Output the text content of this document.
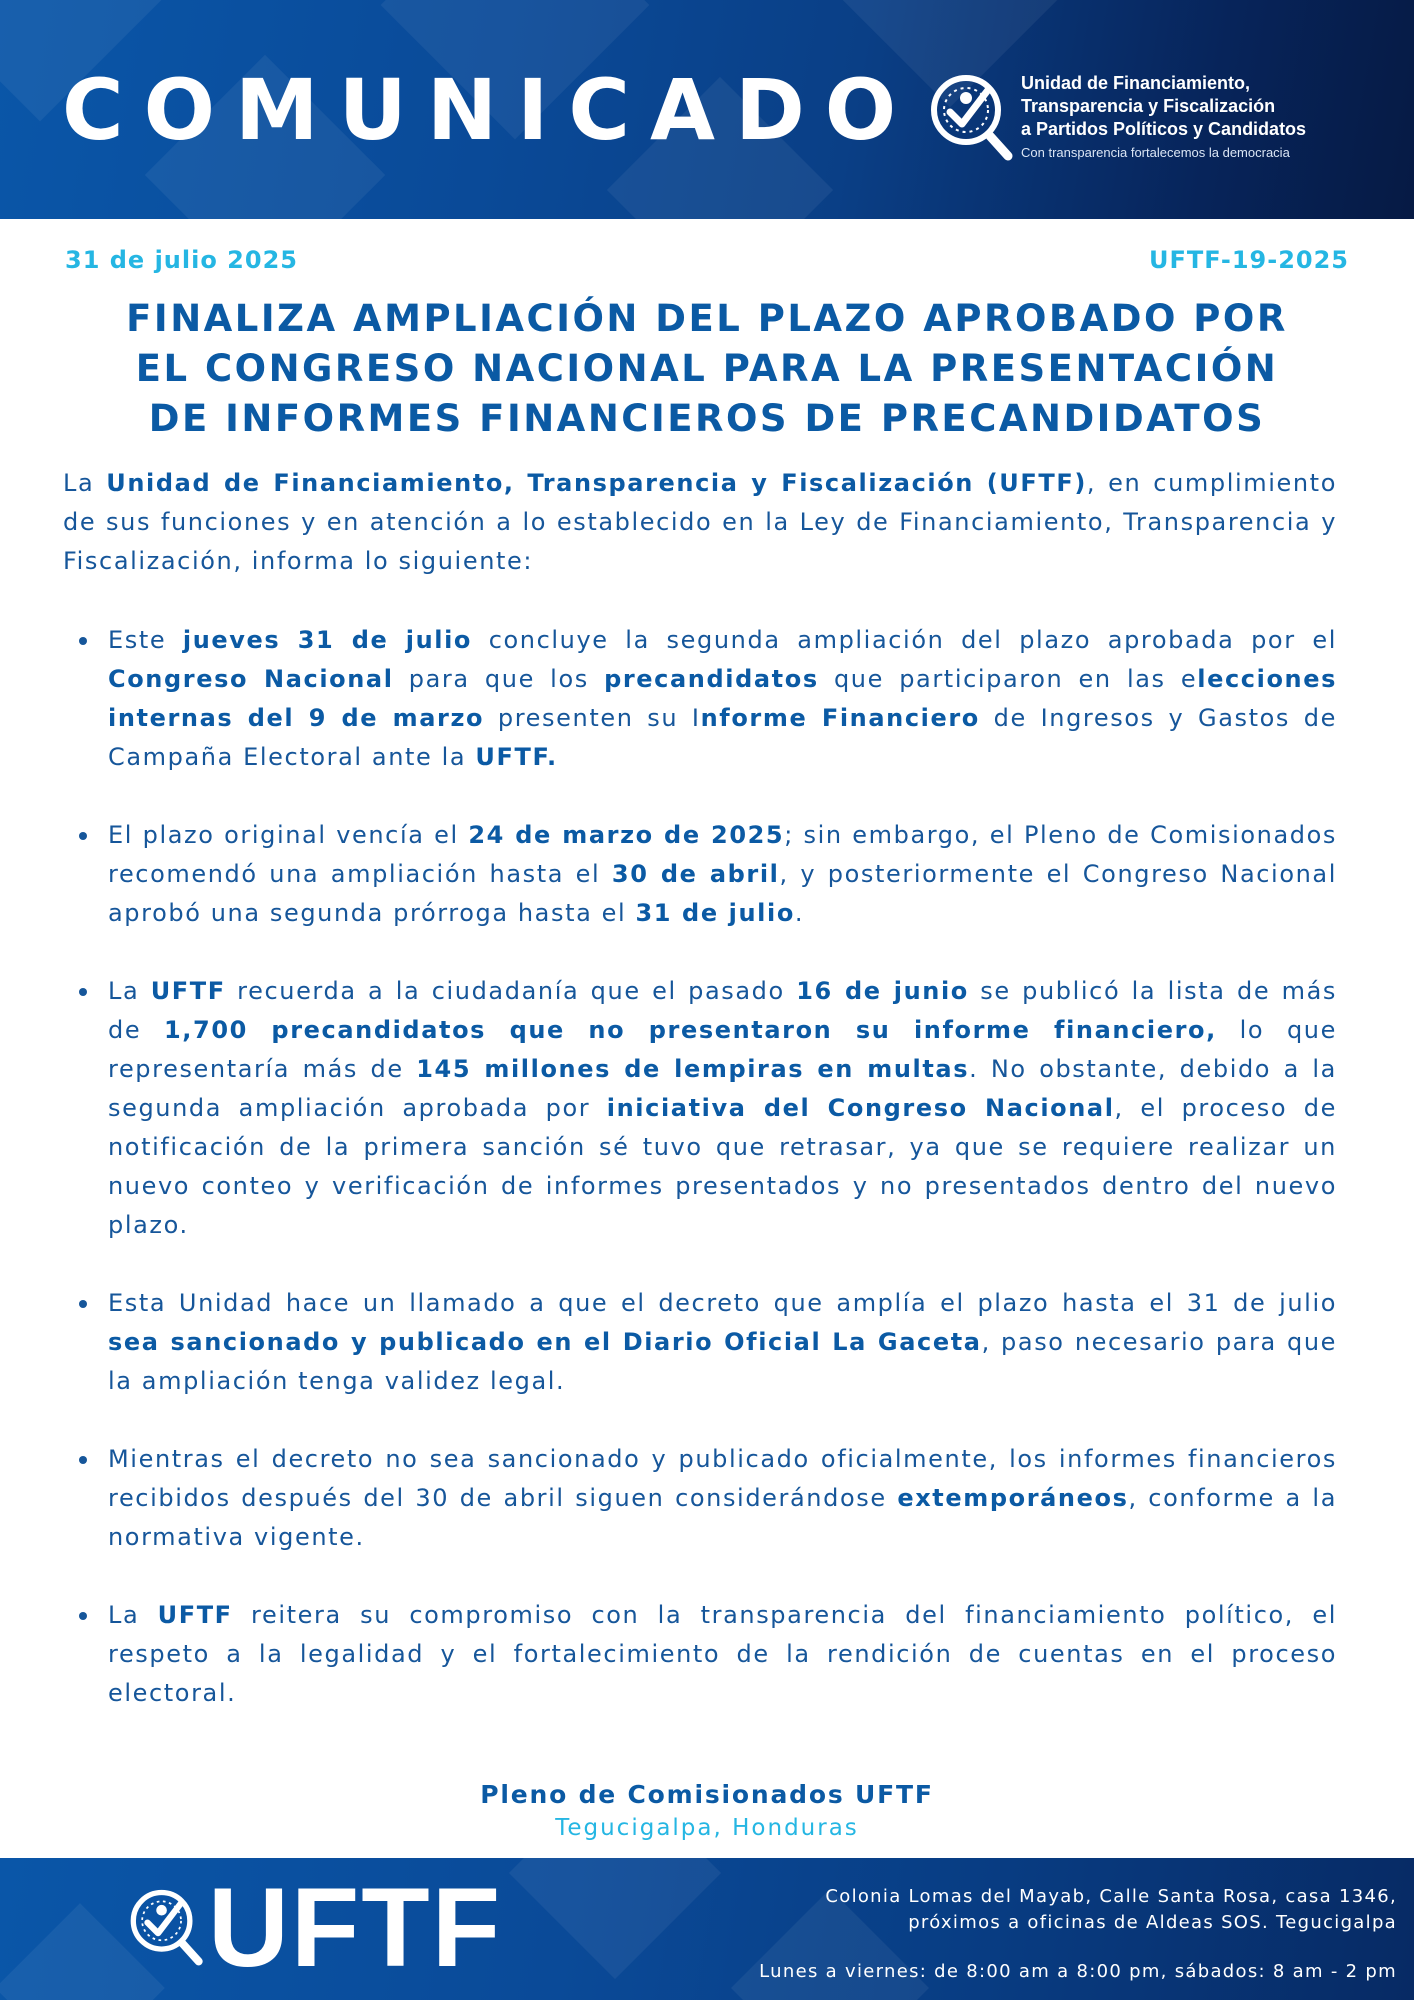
COMUNICADO	Unidad de Financiamiento,
Transparencia y Fiscalización
a Partidos Políticos y Candidatos
Con transparencia fortalecemos la democracia
31 de julio 2025	UFTF-19-2025
FINALIZA AMPLIACIÓN DEL PLAZO APROBADO POR
EL CONGRESO NACIONAL PARA LA PRESENTACIÓN
DE INFORMES FINANCIEROS DE PRECANDIDATOS

La Unidad de Financiamiento, Transparencia y Fiscalización (UFTF), en cumplimiento de sus funciones y en atención a lo establecido en la Ley de Financiamiento, Transparencia y Fiscalización, informa lo siguiente:

Este jueves 31 de julio concluye la segunda ampliación del plazo aprobada por el Congreso Nacional para que los precandidatos que participaron en las elecciones internas del 9 de marzo presenten su Informe Financiero de Ingresos y Gastos de Campaña Electoral ante la UFTF.
El plazo original vencía el 24 de marzo de 2025; sin embargo, el Pleno de Comisionados recomendó una ampliación hasta el 30 de abril, y posteriormente el Congreso Nacional aprobó una segunda prórroga hasta el 31 de julio.
La UFTF recuerda a la ciudadanía que el pasado 16 de junio se publicó la lista de más de 1,700 precandidatos que no presentaron su informe financiero, lo que representaría más de 145 millones de lempiras en multas. No obstante, debido a la segunda ampliación aprobada por iniciativa del Congreso Nacional, el proceso de notificación de la primera sanción sé tuvo que retrasar, ya que se requiere realizar un nuevo conteo y verificación de informes presentados y no presentados dentro del nuevo plazo.
Esta Unidad hace un llamado a que el decreto que amplía el plazo hasta el 31 de julio sea sancionado y publicado en el Diario Oficial La Gaceta, paso necesario para que la ampliación tenga validez legal.
Mientras el decreto no sea sancionado y publicado oficialmente, los informes financieros recibidos después del 30 de abril siguen considerándose extemporáneos, conforme a la normativa vigente.
La UFTF reitera su compromiso con la transparencia del financiamiento político, el respeto a la legalidad y el fortalecimiento de la rendición de cuentas en el proceso electoral.
Pleno de Comisionados UFTF
Tegucigalpa, Honduras
UFTF	Colonia Lomas del Mayab, Calle Santa Rosa, casa 1346,
próximos a oficinas de Aldeas SOS. Tegucigalpa
Lunes a viernes: de 8:00 am a 8:00 pm, sábados: 8 am - 2 pm
